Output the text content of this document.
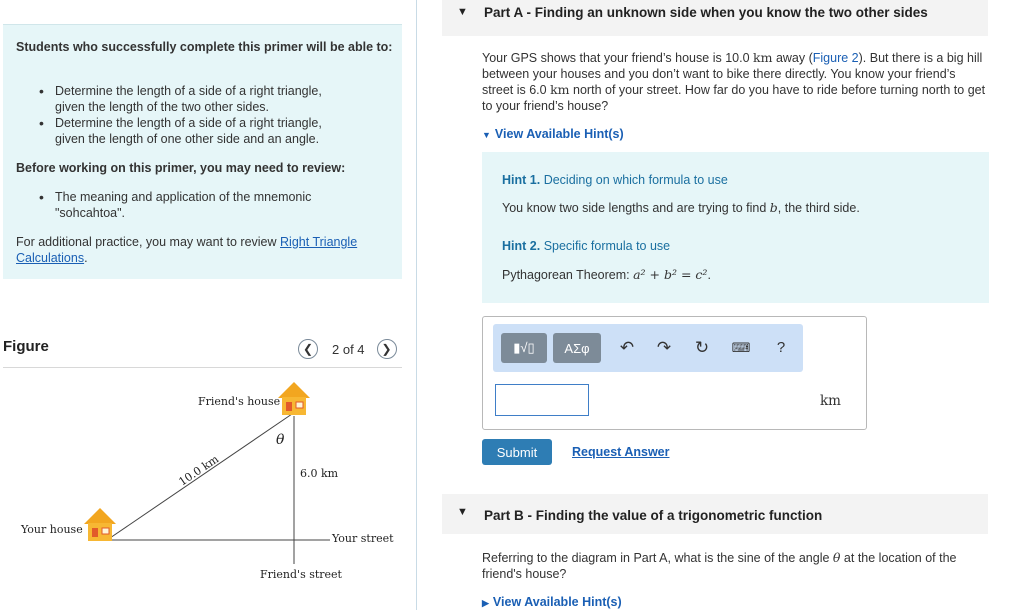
Students who successfully complete this primer will be able to:
• Determine the length of a side of a right triangle, given the length of the two other sides.
• Determine the length of a side of a right triangle, given the length of one other side and an angle.
Before working on this primer, you may need to review:
• The meaning and application of the mnemonic "sohcahtoa".
For additional practice, you may want to review Right Triangle Calculations.
Figure	❮ 2 of 4 ❯
Friend's house
Your house
θ
6.0 km
10.0 km
Your street
Friend's street
▼ Part A - Finding an unknown side when you know the two other sides
Your GPS shows that your friend’s house is 10.0 km away (Figure 2). But there is a big hill between your houses and you don’t want to bike there directly. You know your friend’s street is 6.0 km north of your street. How far do you have to ride before turning north to get to your friend’s house?
▼ View Available Hint(s)
Hint 1. Deciding on which formula to use
You know two side lengths and are trying to find b, the third side.
Hint 2. Specific formula to use
Pythagorean Theorem: a² + b² = c².
▮√▯ ΑΣφ ↶ ↷ ↻ ⌨	?
km
Submit	Request Answer
▼ Part B - Finding the value of a trigonometric function
Referring to the diagram in Part A, what is the sine of the angle θ at the location of the friend's house?
▶ View Available Hint(s)
